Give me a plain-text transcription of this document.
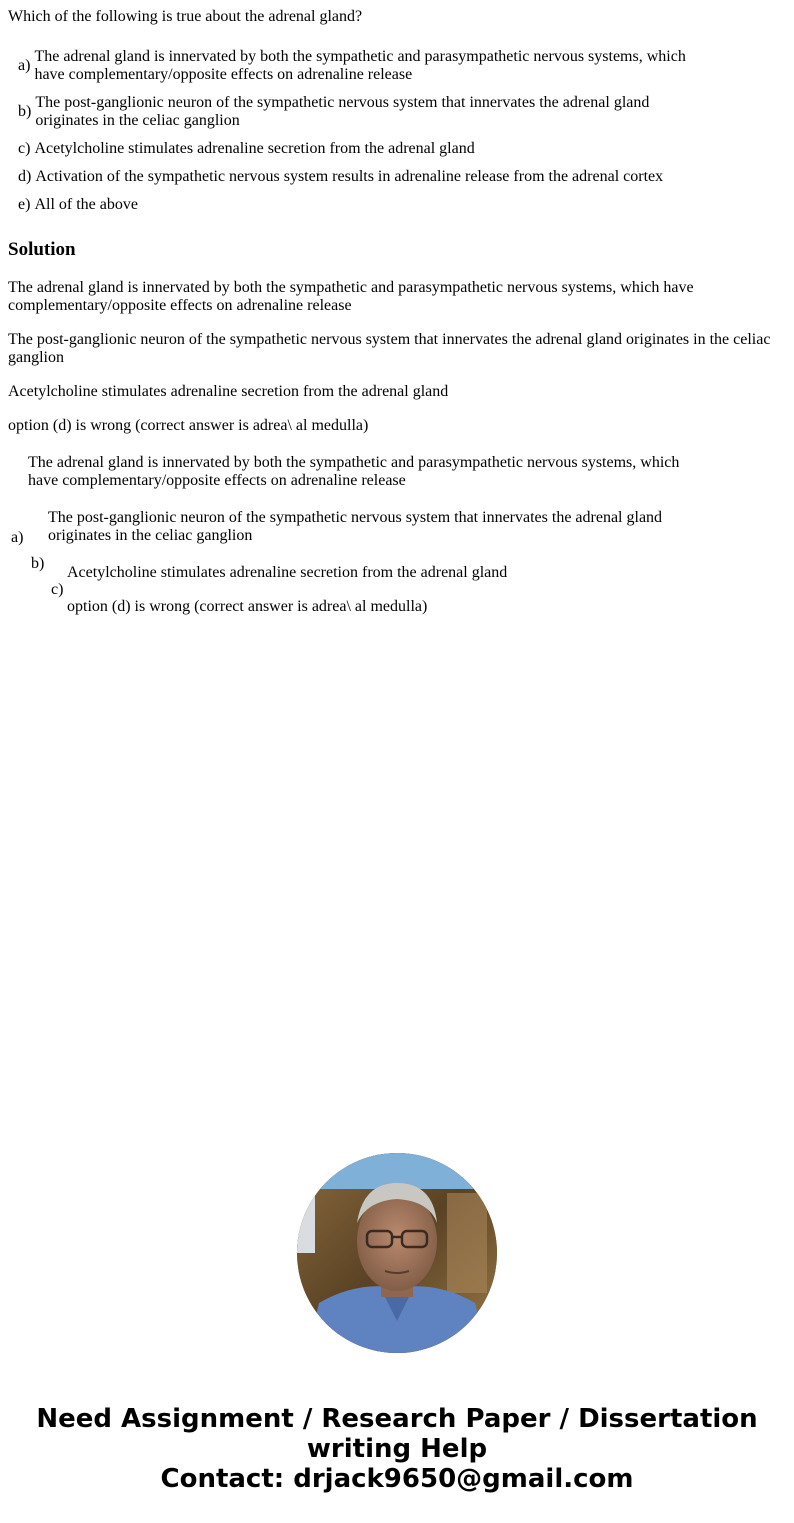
Which of the following is true about the adrenal gland?
a)
The adrenal gland is innervated by both the sympathetic and parasympathetic nervous systems, which have complementary/opposite effects on adrenaline release
b)
The post-ganglionic neuron of the sympathetic nervous system that innervates the adrenal gland originates in the celiac ganglion
c) Acetylcholine stimulates adrenaline secretion from the adrenal gland
d) Activation of the sympathetic nervous system results in adrenaline release from the adrenal cortex
e) All of the above
Solution
The adrenal gland is innervated by both the sympathetic and parasympathetic nervous systems, which have complementary/opposite effects on adrenaline release
The post-ganglionic neuron of the sympathetic nervous system that innervates the adrenal gland originates in the celiac ganglion
Acetylcholine stimulates adrenaline secretion from the adrenal gland
option (d) is wrong (correct answer is adrea\ al medulla)
The adrenal gland is innervated by both the sympathetic and parasympathetic nervous systems, which have complementary/opposite effects on adrenaline release
a)
The post-ganglionic neuron of the sympathetic nervous system that innervates the adrenal gland originates in the celiac ganglion
b)
c)
Acetylcholine stimulates adrenaline secretion from the adrenal gland
option (d) is wrong (correct answer is adrea\ al medulla)
Need Assignment / Research Paper / Dissertation
writing Help
Contact: drjack9650@gmail.com
